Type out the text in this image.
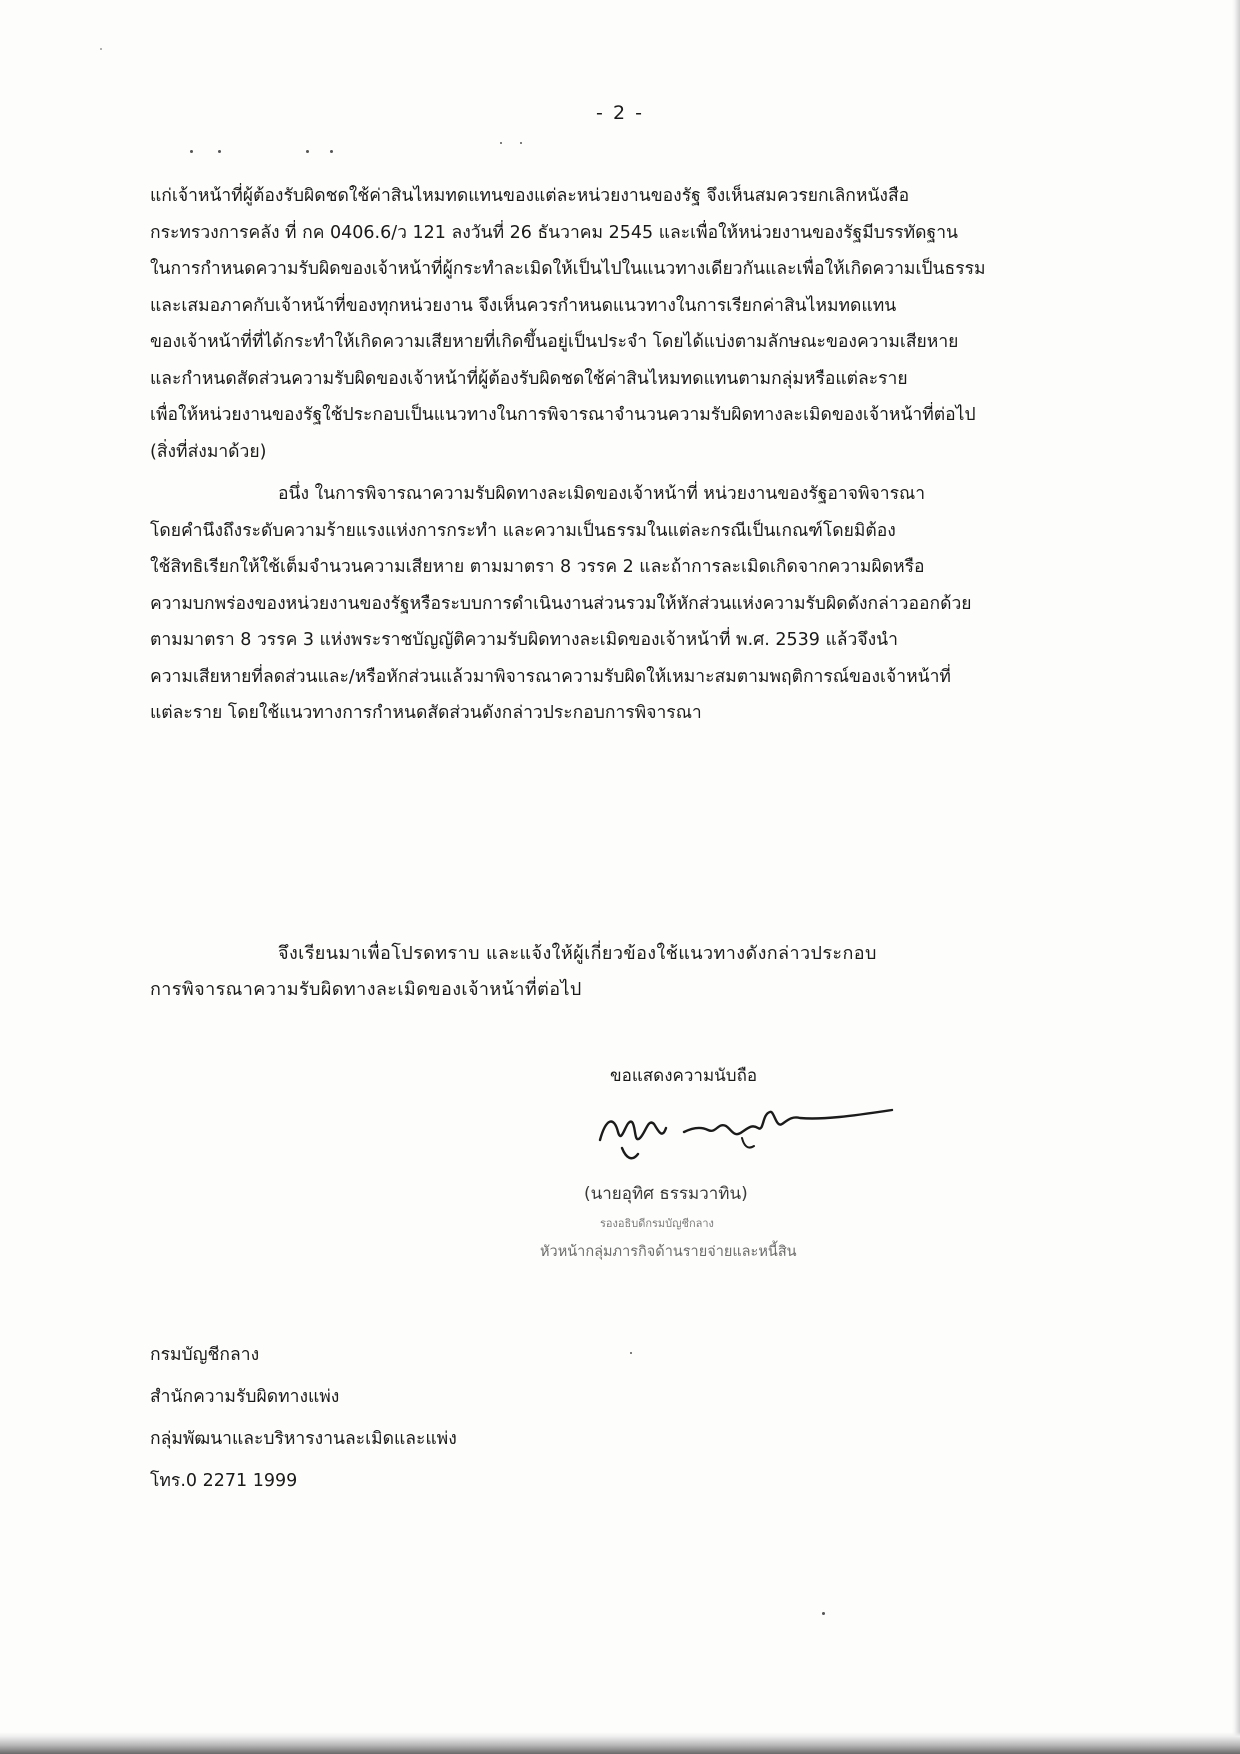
- 2 -
แก่เจ้าหน้าที่ผู้ต้องรับผิดชดใช้ค่าสินไหมทดแทนของแต่ละหน่วยงานของรัฐ จึงเห็นสมควรยกเลิกหนังสือ
กระทรวงการคลัง ที่ กค 0406.6/ว 121 ลงวันที่ 26 ธันวาคม 2545 และเพื่อให้หน่วยงานของรัฐมีบรรทัดฐาน
ในการกำหนดความรับผิดของเจ้าหน้าที่ผู้กระทำละเมิดให้เป็นไปในแนวทางเดียวกันและเพื่อให้เกิดความเป็นธรรม
และเสมอภาคกับเจ้าหน้าที่ของทุกหน่วยงาน จึงเห็นควรกำหนดแนวทางในการเรียกค่าสินไหมทดแทน
ของเจ้าหน้าที่ที่ได้กระทำให้เกิดความเสียหายที่เกิดขึ้นอยู่เป็นประจำ โดยได้แบ่งตามลักษณะของความเสียหาย
และกำหนดสัดส่วนความรับผิดของเจ้าหน้าที่ผู้ต้องรับผิดชดใช้ค่าสินไหมทดแทนตามกลุ่มหรือแต่ละราย
เพื่อให้หน่วยงานของรัฐใช้ประกอบเป็นแนวทางในการพิจารณาจำนวนความรับผิดทางละเมิดของเจ้าหน้าที่ต่อไป
(สิ่งที่ส่งมาด้วย)
อนึ่ง ในการพิจารณาความรับผิดทางละเมิดของเจ้าหน้าที่ หน่วยงานของรัฐอาจพิจารณา
โดยคำนึงถึงระดับความร้ายแรงแห่งการกระทำ และความเป็นธรรมในแต่ละกรณีเป็นเกณฑ์โดยมิต้อง
ใช้สิทธิเรียกให้ใช้เต็มจำนวนความเสียหาย ตามมาตรา 8 วรรค 2 และถ้าการละเมิดเกิดจากความผิดหรือ
ความบกพร่องของหน่วยงานของรัฐหรือระบบการดำเนินงานส่วนรวมให้หักส่วนแห่งความรับผิดดังกล่าวออกด้วย
ตามมาตรา 8 วรรค 3 แห่งพระราชบัญญัติความรับผิดทางละเมิดของเจ้าหน้าที่ พ.ศ. 2539 แล้วจึงนำ
ความเสียหายที่ลดส่วนและ/หรือหักส่วนแล้วมาพิจารณาความรับผิดให้เหมาะสมตามพฤติการณ์ของเจ้าหน้าที่
แต่ละราย โดยใช้แนวทางการกำหนดสัดส่วนดังกล่าวประกอบการพิจารณา
จึงเรียนมาเพื่อโปรดทราบ และแจ้งให้ผู้เกี่ยวข้องใช้แนวทางดังกล่าวประกอบ
การพิจารณาความรับผิดทางละเมิดของเจ้าหน้าที่ต่อไป
ขอแสดงความนับถือ
(นายอุทิศ ธรรมวาทิน)
รองอธิบดีกรมบัญชีกลาง
หัวหน้ากลุ่มภารกิจด้านรายจ่ายและหนี้สิน
กรมบัญชีกลาง
สำนักความรับผิดทางแพ่ง
กลุ่มพัฒนาและบริหารงานละเมิดและแพ่ง
โทร.0 2271 1999
